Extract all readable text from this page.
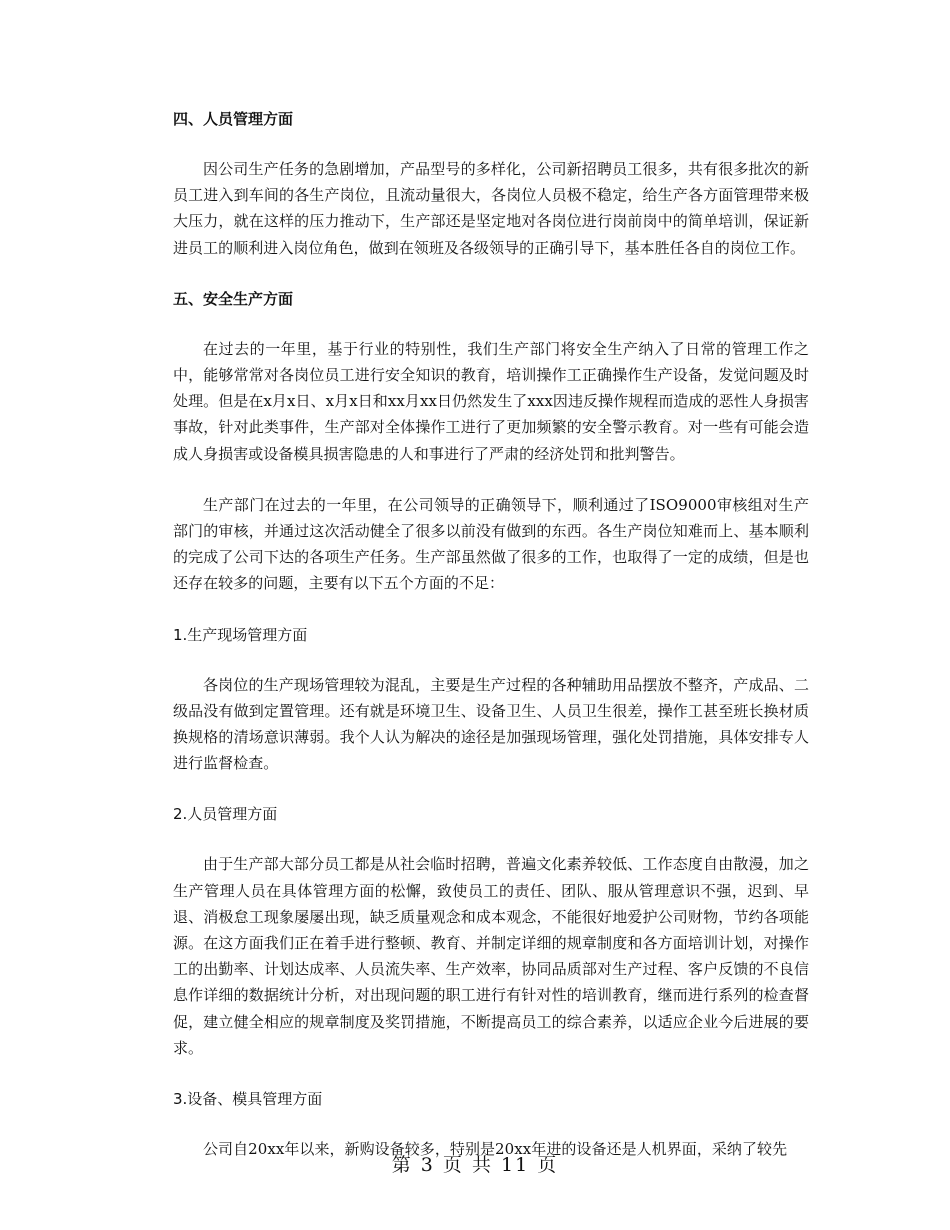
四、人员管理方面

因公司生产任务的急剧增加，产品型号的多样化，公司新招聘员工很多，共有很多批次的新员工进入到车间的各生产岗位，且流动量很大，各岗位人员极不稳定，给生产各方面管理带来极大压力，就在这样的压力推动下，生产部还是坚定地对各岗位进行岗前岗中的简单培训，保证新进员工的顺利进入岗位角色，做到在领班及各级领导的正确引导下，基本胜任各自的岗位工作。

五、安全生产方面

在过去的一年里，基于行业的特别性，我们生产部门将安全生产纳入了日常的管理工作之中，能够常常对各岗位员工进行安全知识的教育，培训操作工正确操作生产设备，发觉问题及时处理。但是在x月x日、x月x日和xx月xx日仍然发生了xxx因违反操作规程而造成的恶性人身损害事故，针对此类事件，生产部对全体操作工进行了更加频繁的安全警示教育。对一些有可能会造成人身损害或设备模具损害隐患的人和事进行了严肃的经济处罚和批判警告。

生产部门在过去的一年里，在公司领导的正确领导下，顺利通过了ISO9000审核组对生产部门的审核，并通过这次活动健全了很多以前没有做到的东西。各生产岗位知难而上、基本顺利的完成了公司下达的各项生产任务。生产部虽然做了很多的工作，也取得了一定的成绩，但是也还存在较多的问题，主要有以下五个方面的不足：

1.生产现场管理方面

各岗位的生产现场管理较为混乱，主要是生产过程的各种辅助用品摆放不整齐，产成品、二级品没有做到定置管理。还有就是环境卫生、设备卫生、人员卫生很差，操作工甚至班长换材质换规格的清场意识薄弱。我个人认为解决的途径是加强现场管理，强化处罚措施，具体安排专人进行监督检查。

2.人员管理方面

由于生产部大部分员工都是从社会临时招聘，普遍文化素养较低、工作态度自由散漫，加之生产管理人员在具体管理方面的松懈，致使员工的责任、团队、服从管理意识不强，迟到、早退、消极怠工现象屡屡出现，缺乏质量观念和成本观念，不能很好地爱护公司财物，节约各项能源。在这方面我们正在着手进行整顿、教育、并制定详细的规章制度和各方面培训计划，对操作工的出勤率、计划达成率、人员流失率、生产效率，协同品质部对生产过程、客户反馈的不良信息作详细的数据统计分析，对出现问题的职工进行有针对性的培训教育，继而进行系列的检查督促，建立健全相应的规章制度及奖罚措施，不断提高员工的综合素养，以适应企业今后进展的要求。

3.设备、模具管理方面

公司自20xx年以来，新购设备较多，特别是20xx年进的设备还是人机界面，采纳了较先

第 3 页 共 11 页
